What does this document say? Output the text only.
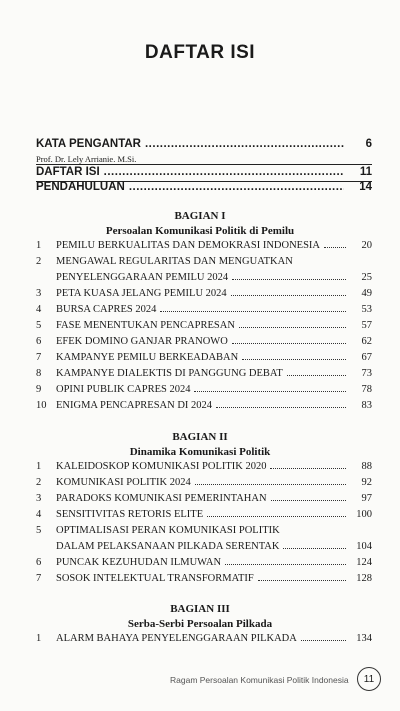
DAFTAR ISI
KATA PENGANTAR .....	6
Prof. Dr. Lely Arrianie. M.Si.
DAFTAR ISI .....	11
PENDAHULUAN .....	14
BAGIAN I
Persoalan Komunikasi Politik di Pemilu
1	PEMILU BERKUALITAS DAN DEMOKRASI INDONESIA	20
2	MENGAWAL REGULARITAS DAN MENGUATKAN
PENYELENGGARAAN PEMILU 2024	25
3	PETA KUASA JELANG PEMILU 2024	49
4	BURSA CAPRES 2024	53
5	FASE MENENTUKAN PENCAPRESAN	57
6	EFEK DOMINO GANJAR PRANOWO	62
7	KAMPANYE PEMILU BERKEADABAN	67
8	KAMPANYE DIALEKTIS DI PANGGUNG DEBAT	73
9	OPINI PUBLIK CAPRES 2024	78
10 ENIGMA PENCAPRESAN DI 2024	83
BAGIAN II
Dinamika Komunikasi Politik
1	KALEIDOSKOP KOMUNIKASI POLITIK 2020	88
2	KOMUNIKASI POLITIK 2024	92
3	PARADOKS KOMUNIKASI PEMERINTAHAN	97
4	SENSITIVITAS RETORIS ELITE	100
5	OPTIMALISASI PERAN KOMUNIKASI POLITIK
DALAM PELAKSANAAN PILKADA SERENTAK	104
6	PUNCAK KEZUHUDAN ILMUWAN	124
7	SOSOK INTELEKTUAL TRANSFORMATIF	128
BAGIAN III
Serba-Serbi Persoalan Pilkada
1	ALARM BAHAYA PENYELENGGARAAN PILKADA	134
Ragam Persoalan Komunikasi Politik Indonesia	11
